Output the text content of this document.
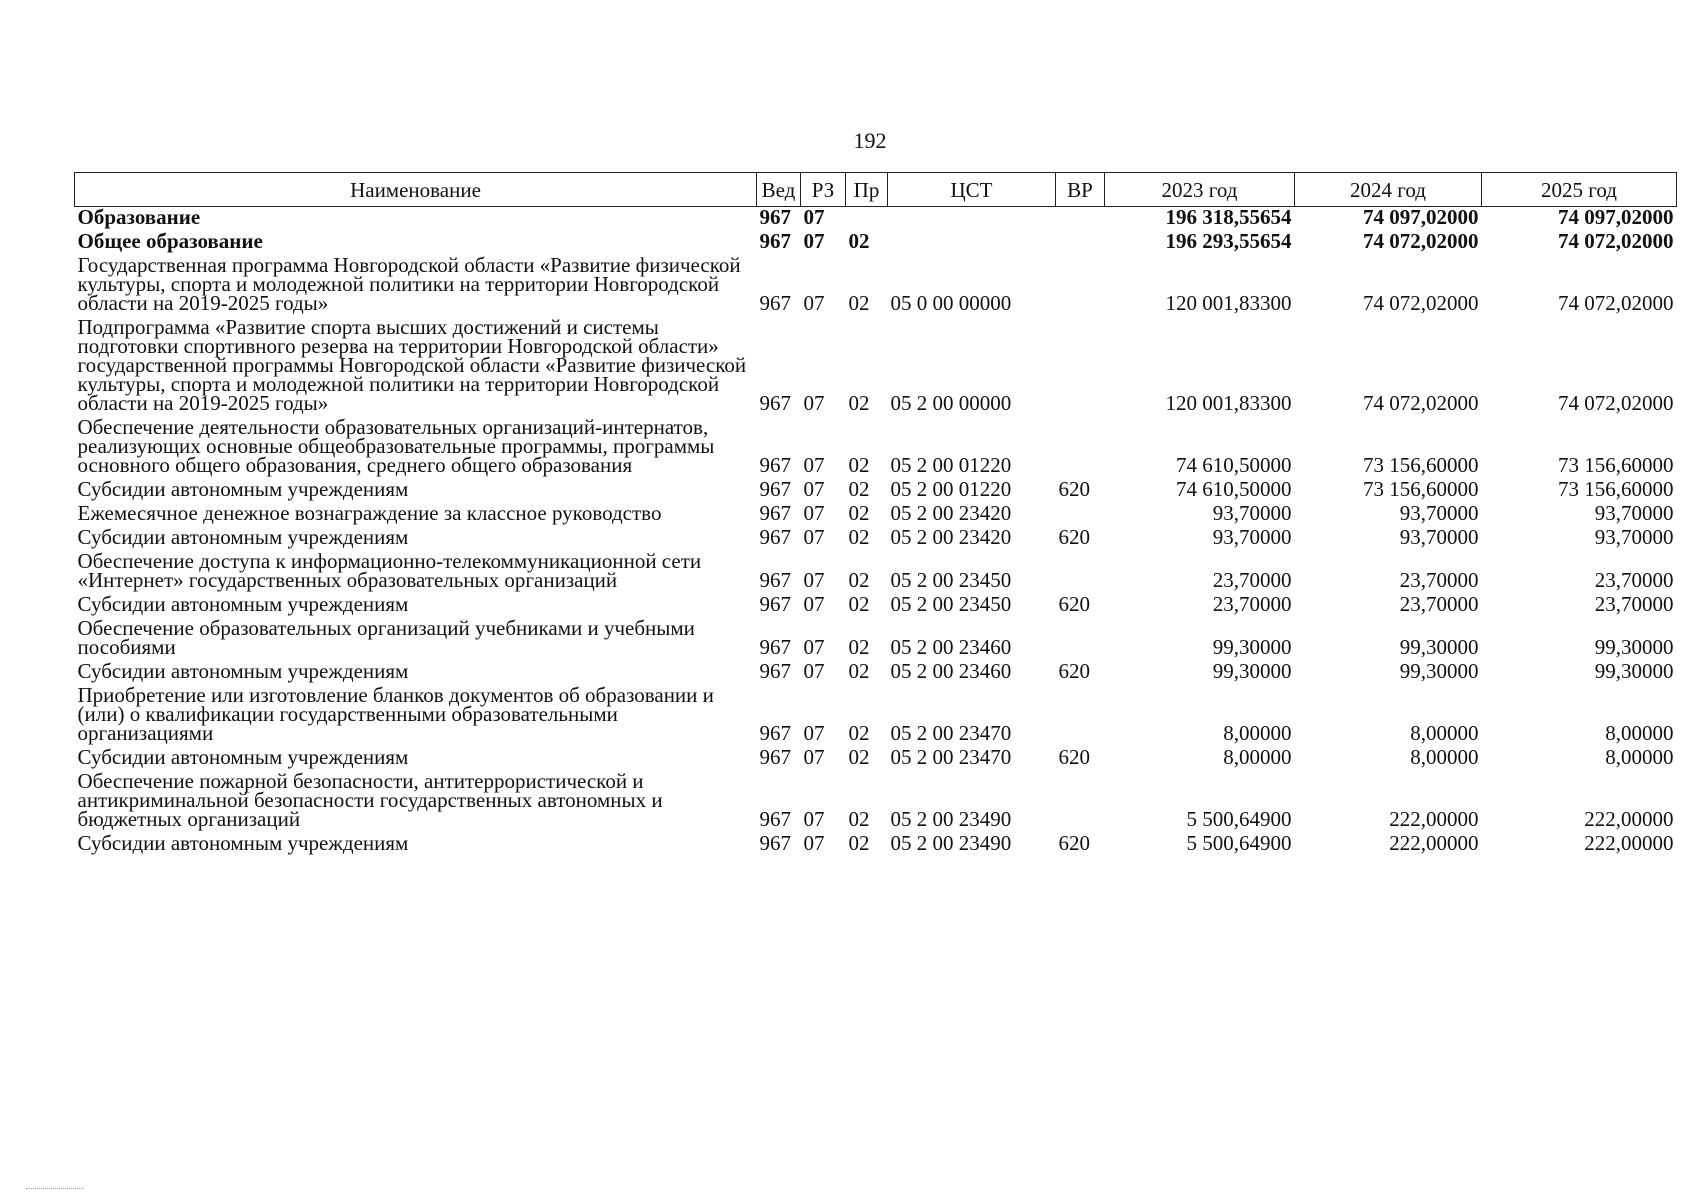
192
Наименование	Вед	РЗ	Пр	ЦСТ	ВР	2023 год	2024 год	2025 год
Образование	967	07				196 318,55654	74 097,02000	74 097,02000
Общее образование	967	07	02			196 293,55654	74 072,02000	74 072,02000
Государственная программа Новгородской области «Развитие физической культуры, спорта и молодежной политики на территории Новгородской области на 2019-2025 годы»	967	07	02	05 0 00 00000		120 001,83300	74 072,02000	74 072,02000
Подпрограмма «Развитие спорта высших достижений и системы подготовки спортивного резерва на территории Новгородской области» государственной программы Новгородской области «Развитие физической культуры, спорта и молодежной политики на территории Новгородской области на 2019-2025 годы»	967	07	02	05 2 00 00000		120 001,83300	74 072,02000	74 072,02000
Обеспечение деятельности образовательных организаций-интернатов, реализующих основные общеобразовательные программы, программы основного общего образования, среднего общего образования	967	07	02	05 2 00 01220		74 610,50000	73 156,60000	73 156,60000
Субсидии автономным учреждениям	967	07	02	05 2 00 01220	620	74 610,50000	73 156,60000	73 156,60000
Ежемесячное денежное вознаграждение за классное руководство	967	07	02	05 2 00 23420		93,70000	93,70000	93,70000
Субсидии автономным учреждениям	967	07	02	05 2 00 23420	620	93,70000	93,70000	93,70000
Обеспечение доступа к информационно-телекоммуникационной сети «Интернет» государственных образовательных организаций	967	07	02	05 2 00 23450		23,70000	23,70000	23,70000
Субсидии автономным учреждениям	967	07	02	05 2 00 23450	620	23,70000	23,70000	23,70000
Обеспечение образовательных организаций учебниками и учебными пособиями	967	07	02	05 2 00 23460		99,30000	99,30000	99,30000
Субсидии автономным учреждениям	967	07	02	05 2 00 23460	620	99,30000	99,30000	99,30000
Приобретение или изготовление бланков документов об образовании и (или) о квалификации государственными образовательными организациями	967	07	02	05 2 00 23470		8,00000	8,00000	8,00000
Субсидии автономным учреждениям	967	07	02	05 2 00 23470	620	8,00000	8,00000	8,00000
Обеспечение пожарной безопасности, антитеррористической и антикриминальной безопасности государственных автономных и бюджетных организаций	967	07	02	05 2 00 23490		5 500,64900	222,00000	222,00000
Субсидии автономным учреждениям	967	07	02	05 2 00 23490	620	5 500,64900	222,00000	222,00000
